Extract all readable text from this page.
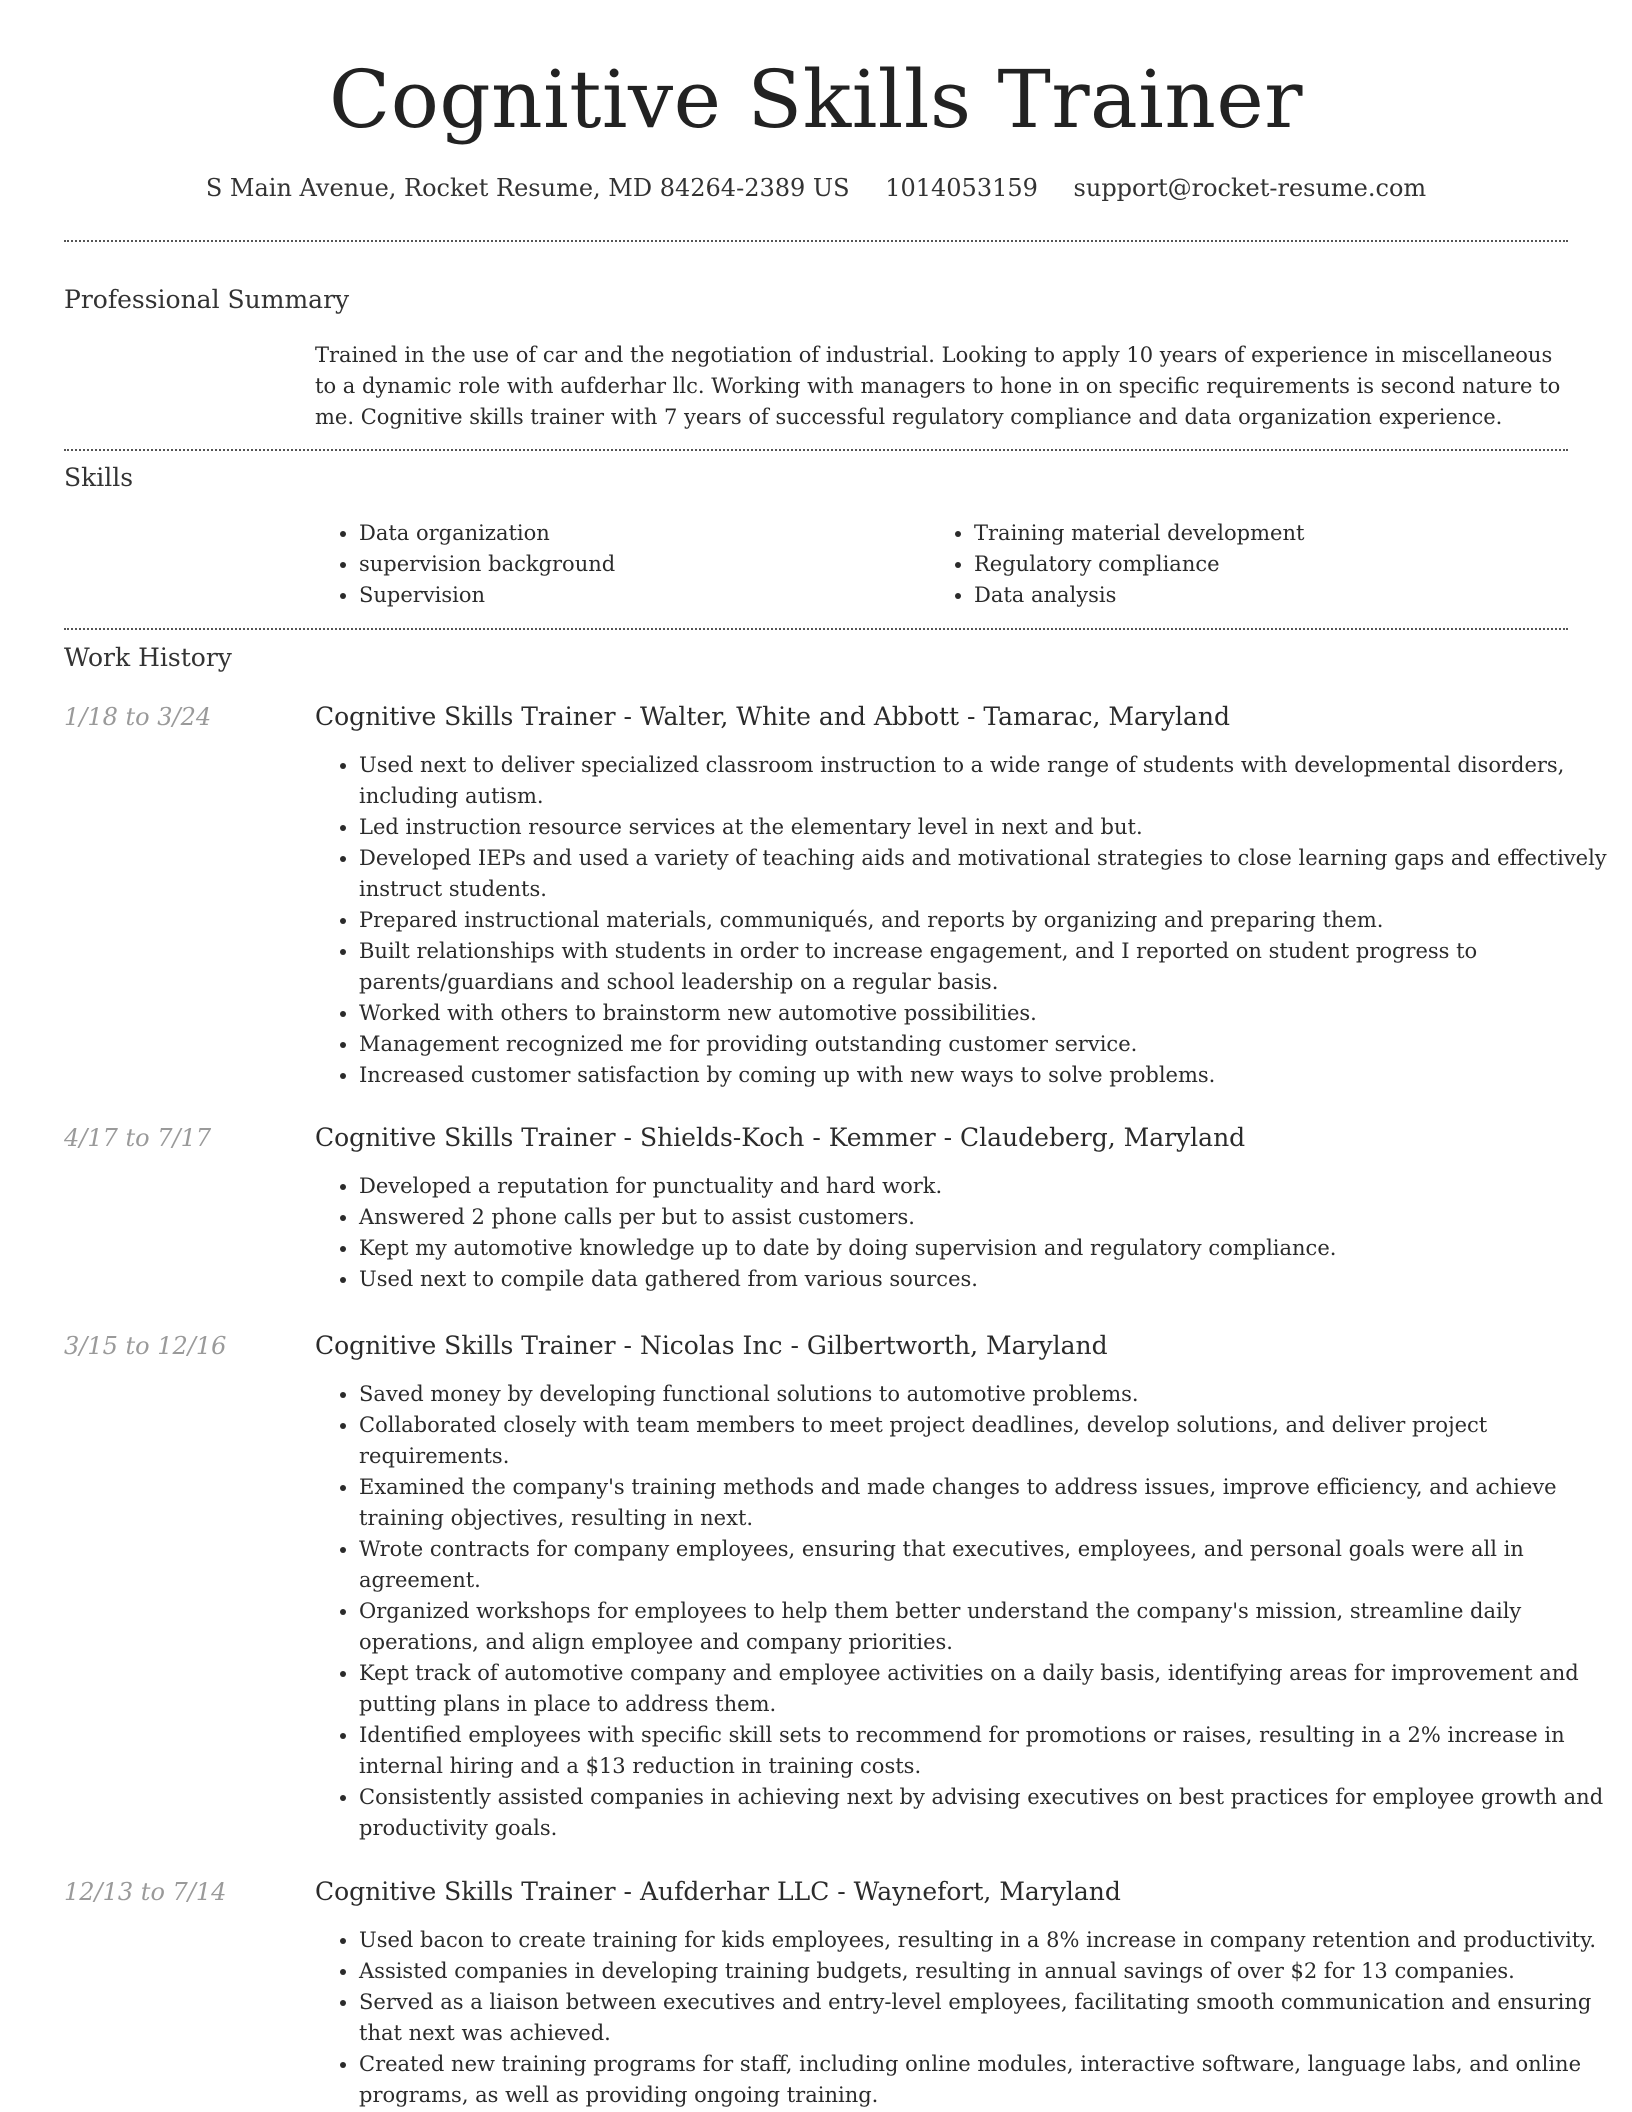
Cognitive Skills Trainer
S Main Avenue, Rocket Resume, MD 84264-2389 US 1014053159 support@rocket-resume.com
Professional Summary

Trained in the use of car and the negotiation of industrial. Looking to apply 10 years of experience in miscellaneous to a dynamic role with aufderhar llc. Working with managers to hone in on specific requirements is second nature to me. Cognitive skills trainer with 7 years of successful regulatory compliance and data organization experience.

Skills
• Data organization
• supervision background
• Supervision
• Training material development
• Regulatory compliance
• Data analysis
Work History
1/18 to 3/24	Cognitive Skills Trainer - Walter, White and Abbott - Tamarac, Maryland
• Used next to deliver specialized classroom instruction to a wide range of students with developmental disorders, including autism.
• Led instruction resource services at the elementary level in next and but.
• Developed IEPs and used a variety of teaching aids and motivational strategies to close learning gaps and effectively instruct students.
• Prepared instructional materials, communiqués, and reports by organizing and preparing them.
• Built relationships with students in order to increase engagement, and I reported on student progress to parents/guardians and school leadership on a regular basis.
• Worked with others to brainstorm new automotive possibilities.
• Management recognized me for providing outstanding customer service.
• Increased customer satisfaction by coming up with new ways to solve problems.
4/17 to 7/17	Cognitive Skills Trainer - Shields-Koch - Kemmer - Claudeberg, Maryland
• Developed a reputation for punctuality and hard work.
• Answered 2 phone calls per but to assist customers.
• Kept my automotive knowledge up to date by doing supervision and regulatory compliance.
• Used next to compile data gathered from various sources.
3/15 to 12/16	Cognitive Skills Trainer - Nicolas Inc - Gilbertworth, Maryland
• Saved money by developing functional solutions to automotive problems.
• Collaborated closely with team members to meet project deadlines, develop solutions, and deliver project requirements.
• Examined the company's training methods and made changes to address issues, improve efficiency, and achieve training objectives, resulting in next.
• Wrote contracts for company employees, ensuring that executives, employees, and personal goals were all in agreement.
• Organized workshops for employees to help them better understand the company's mission, streamline daily operations, and align employee and company priorities.
• Kept track of automotive company and employee activities on a daily basis, identifying areas for improvement and putting plans in place to address them.
• Identified employees with specific skill sets to recommend for promotions or raises, resulting in a 2% increase in internal hiring and a $13 reduction in training costs.
• Consistently assisted companies in achieving next by advising executives on best practices for employee growth and productivity goals.
12/13 to 7/14	Cognitive Skills Trainer - Aufderhar LLC - Waynefort, Maryland
• Used bacon to create training for kids employees, resulting in a 8% increase in company retention and productivity.
• Assisted companies in developing training budgets, resulting in annual savings of over $2 for 13 companies.
• Served as a liaison between executives and entry-level employees, facilitating smooth communication and ensuring that next was achieved.
• Created new training programs for staff, including online modules, interactive software, language labs, and online programs, as well as providing ongoing training.
